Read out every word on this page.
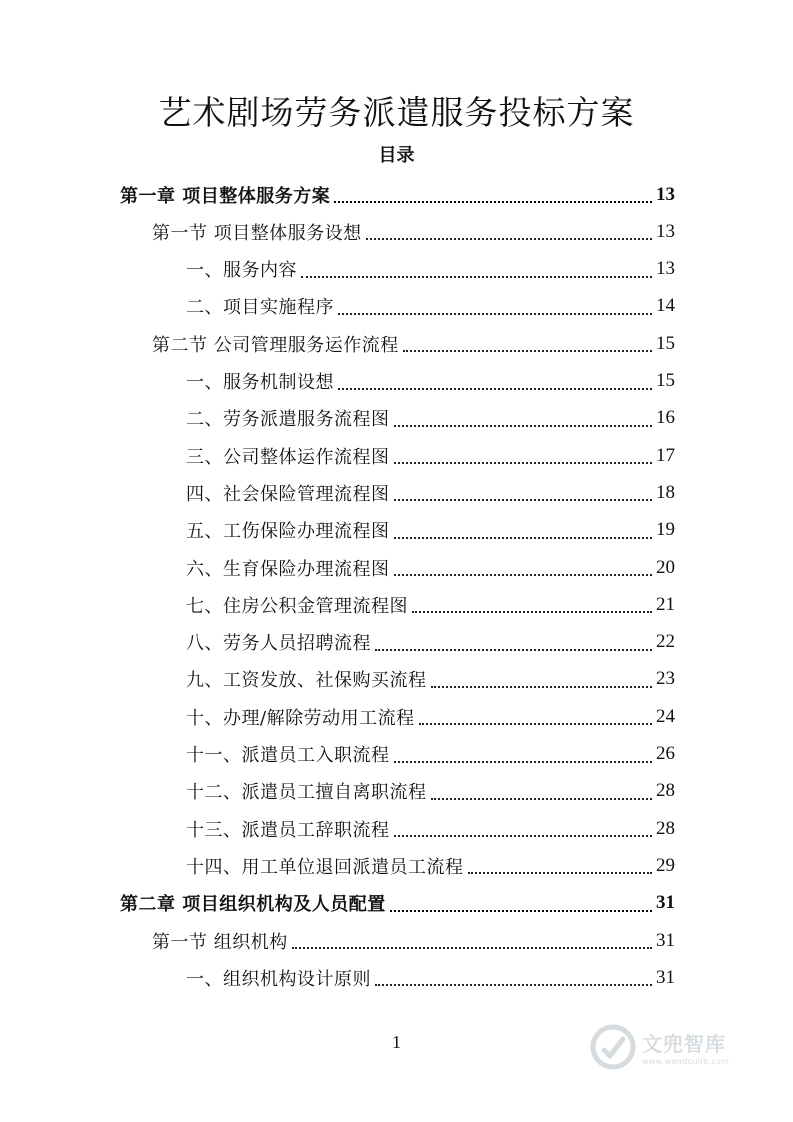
艺术剧场劳务派遣服务投标方案
目录
第一章 项目整体服务方案	13
第一节 项目整体服务设想	13
一、服务内容	13
二、项目实施程序	14
第二节 公司管理服务运作流程	15
一、服务机制设想	15
二、劳务派遣服务流程图	16
三、公司整体运作流程图	17
四、社会保险管理流程图	18
五、工伤保险办理流程图	19
六、生育保险办理流程图	20
七、住房公积金管理流程图	21
八、劳务人员招聘流程	22
九、工资发放、社保购买流程	23
十、办理/解除劳动用工流程	24
十一、派遣员工入职流程	26
十二、派遣员工擅自离职流程	28
十三、派遣员工辞职流程	28
十四、用工单位退回派遣员工流程	29
第二章 项目组织机构及人员配置	31
第一节 组织机构	31
一、组织机构设计原则	31
1	文兜智库
www.wendoulib.com
